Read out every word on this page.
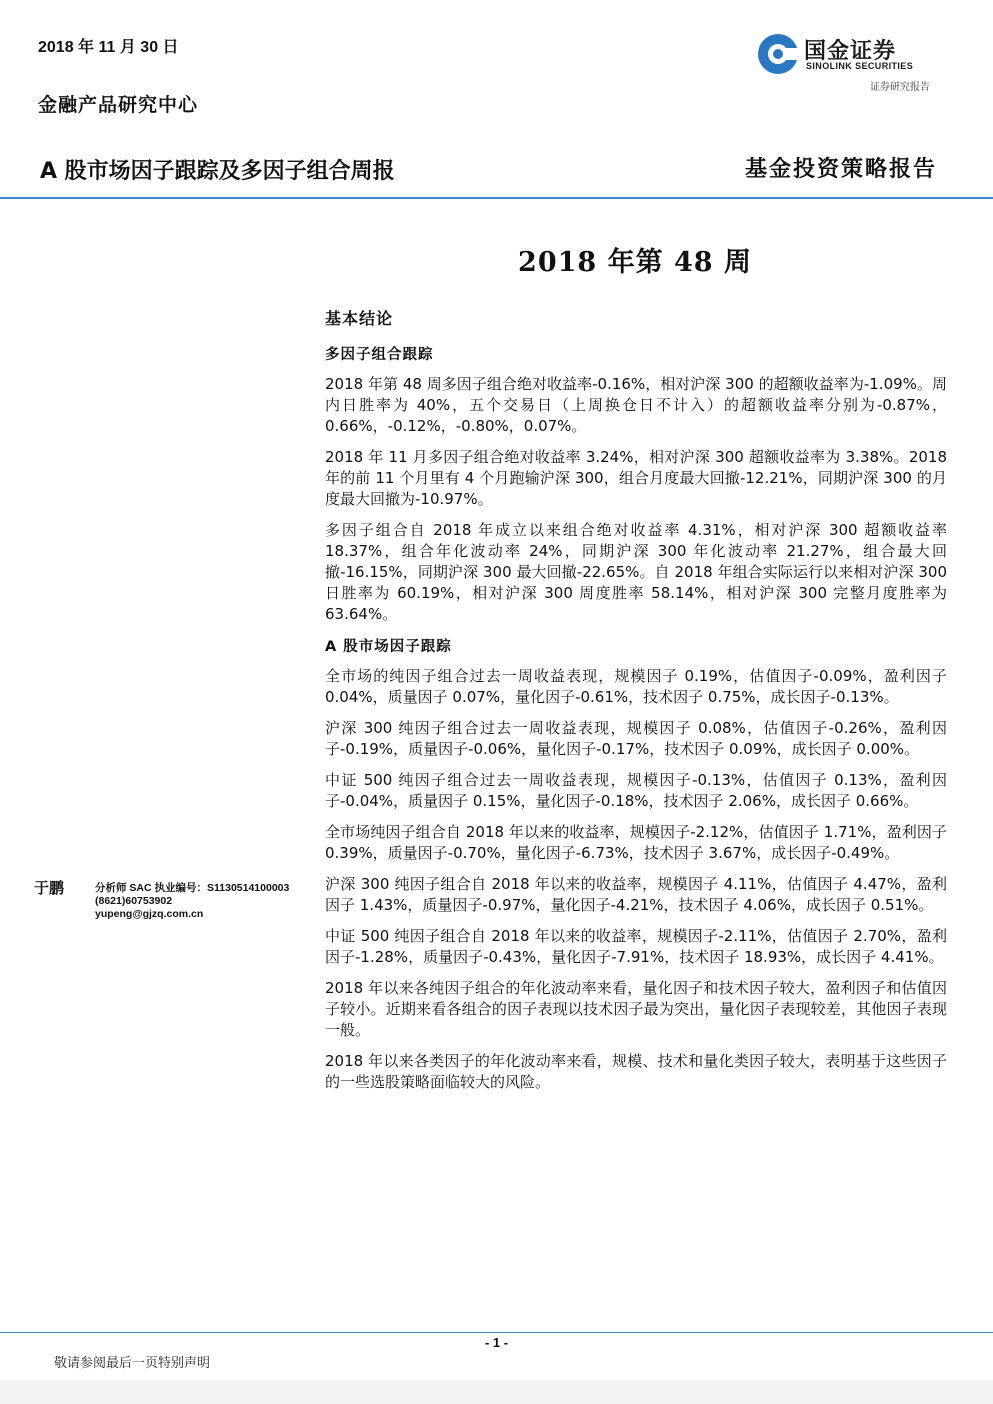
2018 年 11 月 30 日
金融产品研究中心
国金证券
SINOLINK SECURITIES
证券研究报告
A 股市场因子跟踪及多因子组合周报	基金投资策略报告
2018 年第 48 周
基本结论
多因子组合跟踪

2018 年第 48 周多因子组合绝对收益率-0.16%，相对沪深 300 的超额收益率为-1.09%。周内日胜率为 40%，五个交易日（上周换仓日不计入）的超额收益率分别为-0.87%，0.66%，-0.12%，-0.80%，0.07%。

2018 年 11 月多因子组合绝对收益率 3.24%，相对沪深 300 超额收益率为 3.38%。2018 年的前 11 个月里有 4 个月跑输沪深 300，组合月度最大回撤-12.21%，同期沪深 300 的月度最大回撤为-10.97%。

多因子组合自 2018 年成立以来组合绝对收益率 4.31%，相对沪深 300 超额收益率 18.37%，组合年化波动率 24%，同期沪深 300 年化波动率 21.27%，组合最大回撤-16.15%，同期沪深 300 最大回撤-22.65%。自 2018 年组合实际运行以来相对沪深 300 日胜率为 60.19%，相对沪深 300 周度胜率 58.14%，相对沪深 300 完整月度胜率为 63.64%。

A 股市场因子跟踪

全市场的纯因子组合过去一周收益表现，规模因子 0.19%，估值因子-0.09%，盈利因子 0.04%，质量因子 0.07%，量化因子-0.61%，技术因子 0.75%，成长因子-0.13%。

沪深 300 纯因子组合过去一周收益表现，规模因子 0.08%，估值因子-0.26%，盈利因子-0.19%，质量因子-0.06%，量化因子-0.17%，技术因子 0.09%，成长因子 0.00%。

中证 500 纯因子组合过去一周收益表现，规模因子-0.13%，估值因子 0.13%，盈利因子-0.04%，质量因子 0.15%，量化因子-0.18%，技术因子 2.06%，成长因子 0.66%。

全市场纯因子组合自 2018 年以来的收益率，规模因子-2.12%，估值因子 1.71%，盈利因子 0.39%，质量因子-0.70%，量化因子-6.73%，技术因子 3.67%，成长因子-0.49%。

沪深 300 纯因子组合自 2018 年以来的收益率，规模因子 4.11%，估值因子 4.47%，盈利因子 1.43%，质量因子-0.97%，量化因子-4.21%，技术因子 4.06%，成长因子 0.51%。

中证 500 纯因子组合自 2018 年以来的收益率，规模因子-2.11%，估值因子 2.70%，盈利因子-1.28%，质量因子-0.43%，量化因子-7.91%，技术因子 18.93%，成长因子 4.41%。

2018 年以来各纯因子组合的年化波动率来看，量化因子和技术因子较大，盈利因子和估值因子较小。近期来看各组合的因子表现以技术因子最为突出，量化因子表现较差，其他因子表现一般。

2018 年以来各类因子的年化波动率来看，规模、技术和量化类因子较大，表明基于这些因子的一些选股策略面临较大的风险。

于鹏	分析师 SAC 执业编号：S1130514100003
(8621)60753902
yupeng@gjzq.com.cn
- 1 -
敬请参阅最后一页特别声明
